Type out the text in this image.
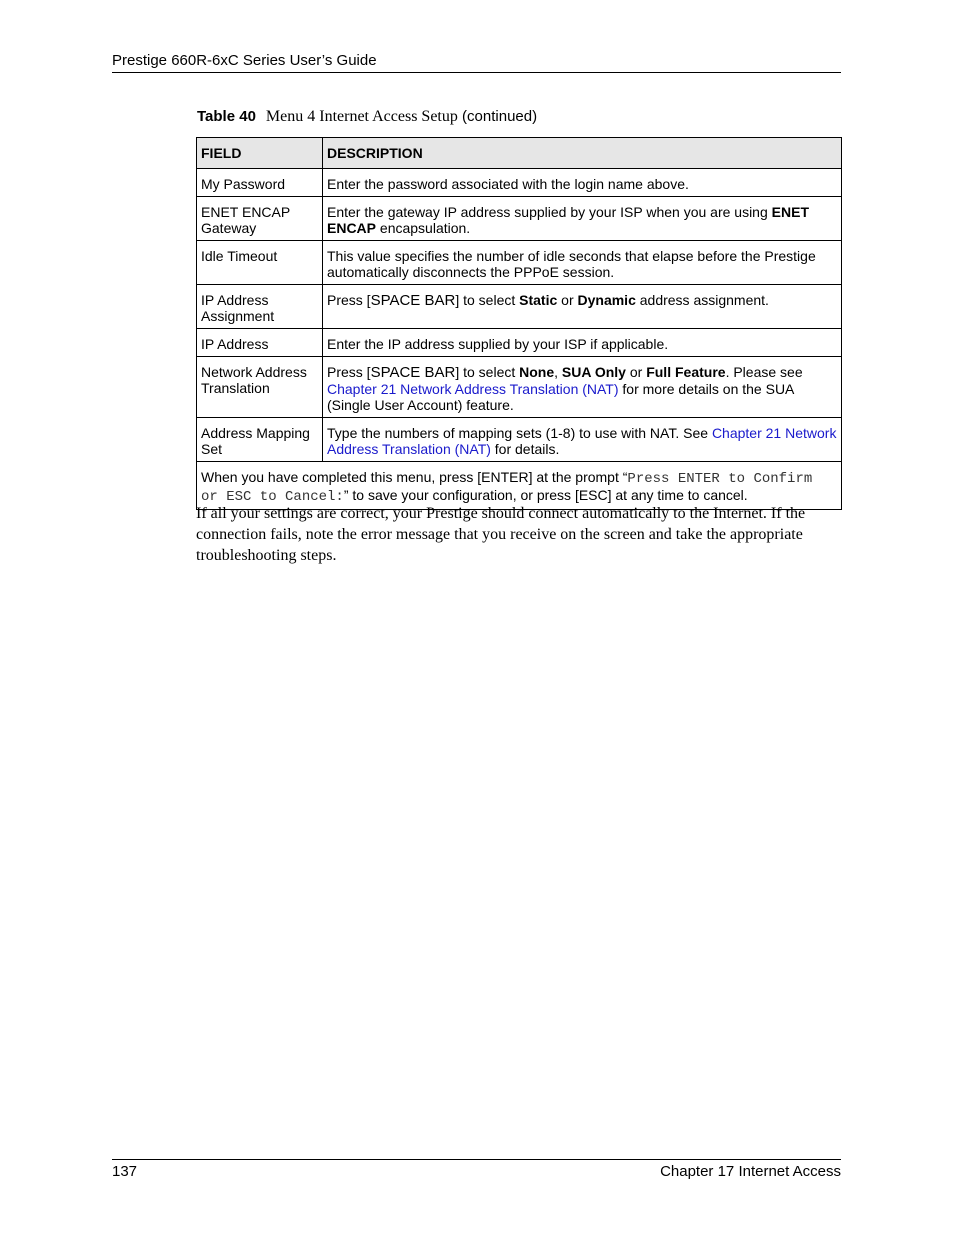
Prestige 660R-6xC Series User’s Guide
Table 40 Menu 4 Internet Access Setup (continued)
FIELD	DESCRIPTION
My Password	Enter the password associated with the login name above.
ENET ENCAP Gateway	Enter the gateway IP address supplied by your ISP when you are using ENET ENCAP encapsulation.
Idle Timeout	This value specifies the number of idle seconds that elapse before the Prestige automatically disconnects the PPPoE session.
IP Address Assignment	Press [SPACE BAR] to select Static or Dynamic address assignment.
IP Address	Enter the IP address supplied by your ISP if applicable.
Network Address Translation	Press [SPACE BAR] to select None, SUA Only or Full Feature. Please see Chapter 21 Network Address Translation (NAT) for more details on the SUA (Single User Account) feature.
Address Mapping Set	Type the numbers of mapping sets (1-8) to use with NAT. See Chapter 21 Network Address Translation (NAT) for details.
When you have completed this menu, press [ENTER] at the prompt “Press ENTER to Confirm or ESC to Cancel:” to save your configuration, or press [ESC] at any time to cancel.	
If all your settings are correct, your Prestige should connect automatically to the Internet. If the connection fails, note the error message that you receive on the screen and take the appropriate troubleshooting steps.
137	Chapter 17 Internet Access
